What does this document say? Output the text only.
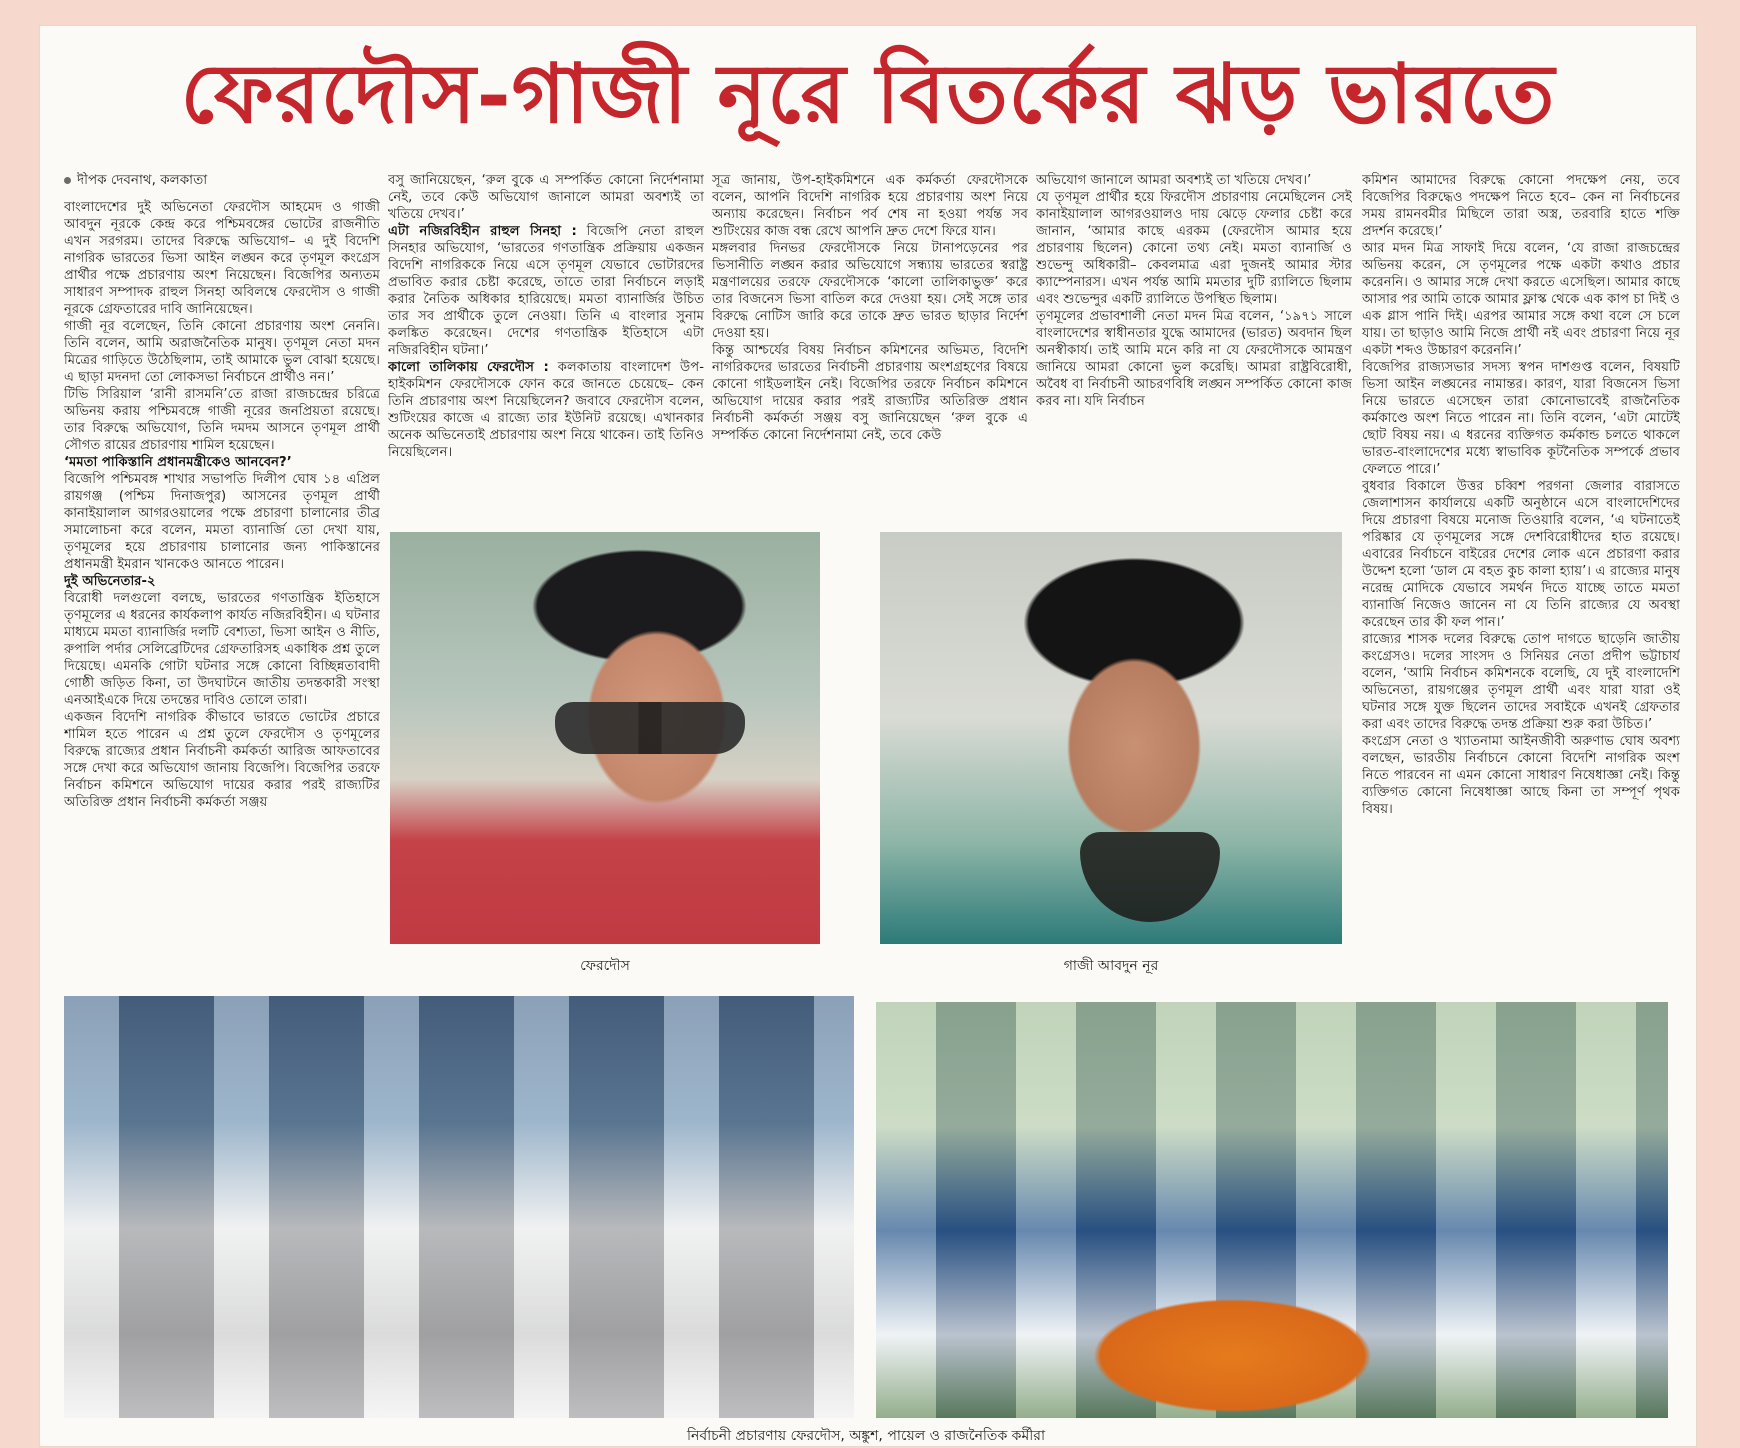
ফেরদৌস-গাজী নূরে বিতর্কের ঝড় ভারতে

দীপক দেবনাথ, কলকাতা

বাংলাদেশের দুই অভিনেতা ফেরদৌস আহমেদ ও গাজী আবদুন নূরকে কেন্দ্র করে পশ্চিমবঙ্গের ভোটের রাজনীতি এখন সরগরম। তাদের বিরুদ্ধে অভিযোগ– এ দুই বিদেশি নাগরিক ভারতের ভিসা আইন লঙ্ঘন করে তৃণমূল কংগ্রেস প্রার্থীর পক্ষে প্রচারণায় অংশ নিয়েছেন। বিজেপির অন্যতম সাধারণ সম্পাদক রাহুল সিনহা অবিলম্বে ফেরদৌস ও গাজী নূরকে গ্রেফতারের দাবি জানিয়েছেন।

গাজী নূর বলেছেন, তিনি কোনো প্রচারণায় অংশ নেননি। তিনি বলেন, আমি অরাজনৈতিক মানুষ। তৃণমূল নেতা মদন মিত্রের গাড়িতে উঠেছিলাম, তাই আমাকে ভুল বোঝা হয়েছে। এ ছাড়া মদনদা তো লোকসভা নির্বাচনে প্রার্থীও নন।’

টিভি সিরিয়াল ‘রানী রাসমনি’তে রাজা রাজচন্দ্রের চরিত্রে অভিনয় করায় পশ্চিমবঙ্গে গাজী নূরের জনপ্রিয়তা রয়েছে। তার বিরুদ্ধে অভিযোগ, তিনি দমদম আসনে তৃণমূল প্রার্থী সৌগত রায়ের প্রচারণায় শামিল হয়েছেন।

‘মমতা পাকিস্তানি প্রধানমন্ত্রীকেও আনবেন?’

বিজেপি পশ্চিমবঙ্গ শাখার সভাপতি দিলীপ ঘোষ ১৪ এপ্রিল রায়গঞ্জ (পশ্চিম দিনাজপুর) আসনের তৃণমূল প্রার্থী কানাইয়ালাল আগরওয়ালের পক্ষে প্রচারণা চালানোর তীব্র সমালোচনা করে বলেন, মমতা ব্যানার্জি তো দেখা যায়, তৃণমূলের হয়ে প্রচারণায় চালানোর জন্য পাকিস্তানের প্রধানমন্ত্রী ইমরান খানকেও আনতে পারেন।

দুই অভিনেতার-২

বিরোধী দলগুলো বলছে, ভারতের গণতান্ত্রিক ইতিহাসে তৃণমূলের এ ধরনের কার্যকলাপ কার্যত নজিরবিহীন। এ ঘটনার মাধ্যমে মমতা ব্যানার্জির দলটি বেশ্যতা, ভিসা আইন ও নীতি, রুপালি পর্দার সেলিব্রেটিদের গ্রেফতারিসহ একাধিক প্রশ্ন তুলে দিয়েছে। এমনকি গোটা ঘটনার সঙ্গে কোনো বিচ্ছিন্নতাবাদী গোষ্ঠী জড়িত কিনা, তা উদঘাটনে জাতীয় তদন্তকারী সংস্থা এনআইএকে দিয়ে তদন্তের দাবিও তোলে তারা।

একজন বিদেশি নাগরিক কীভাবে ভারতে ভোটের প্রচারে শামিল হতে পারেন এ প্রশ্ন তুলে ফেরদৌস ও তৃণমূলের বিরুদ্ধে রাজ্যের প্রধান নির্বাচনী কর্মকর্তা আরিজ আফতাবের সঙ্গে দেখা করে অভিযোগ জানায় বিজেপি। বিজেপির তরফে নির্বাচন কমিশনে অভিযোগ দায়ের করার পরই রাজ্যটির অতিরিক্ত প্রধান নির্বাচনী কর্মকর্তা সঞ্জয়

বসু জানিয়েছেন, ‘রুল বুকে এ সম্পর্কিত কোনো নির্দেশনামা নেই, তবে কেউ অভিযোগ জানালে আমরা অবশ্যই তা খতিয়ে দেখব।’

এটা নজিরবিহীন রাহুল সিনহা : বিজেপি নেতা রাহুল সিনহার অভিযোগ, ‘ভারতের গণতান্ত্রিক প্রক্রিয়ায় একজন বিদেশি নাগরিককে নিয়ে এসে তৃণমূল যেভাবে ভোটারদের প্রভাবিত করার চেষ্টা করেছে, তাতে তারা নির্বাচনে লড়াই করার নৈতিক অধিকার হারিয়েছে। মমতা ব্যানার্জির উচিত তার সব প্রার্থীকে তুলে নেওয়া। তিনি এ বাংলার সুনাম কলঙ্কিত করেছেন। দেশের গণতান্ত্রিক ইতিহাসে এটা নজিরবিহীন ঘটনা।’

কালো তালিকায় ফেরদৌস : কলকাতায় বাংলাদেশ উপ-হাইকমিশন ফেরদৌসকে ফোন করে জানতে চেয়েছে– কেন তিনি প্রচারণায় অংশ নিয়েছিলেন? জবাবে ফেরদৌস বলেন, শুটিংয়ের কাজে এ রাজ্যে তার ইউনিট রয়েছে। এখানকার অনেক অভিনেতাই প্রচারণায় অংশ নিয়ে থাকেন। তাই তিনিও নিয়েছিলেন।

সূত্র জানায়, উপ-হাইকমিশনে এক কর্মকর্তা ফেরদৌসকে বলেন, আপনি বিদেশি নাগরিক হয়ে প্রচারণায় অংশ নিয়ে অন্যায় করেছেন। নির্বাচন পর্ব শেষ না হওয়া পর্যন্ত সব শুটিংয়ের কাজ বন্ধ রেখে আপনি দ্রুত দেশে ফিরে যান।

মঙ্গলবার দিনভর ফেরদৌসকে নিয়ে টানাপড়েনের পর ভিসানীতি লঙ্ঘন করার অভিযোগে সন্ধ্যায় ভারতের স্বরাষ্ট্র মন্ত্রণালয়ের তরফে ফেরদৌসকে ‘কালো তালিকাভুক্ত’ করে তার বিজনেস ভিসা বাতিল করে দেওয়া হয়। সেই সঙ্গে তার বিরুদ্ধে নোটিস জারি করে তাকে দ্রুত ভারত ছাড়ার নির্দেশ দেওয়া হয়।

কিন্তু আশ্চর্যের বিষয় নির্বাচন কমিশনের অভিমত, বিদেশি নাগরিকদের ভারতের নির্বাচনী প্রচারণায় অংশগ্রহণের বিষয়ে কোনো গাইডলাইন নেই। বিজেপির তরফে নির্বাচন কমিশনে অভিযোগ দায়ের করার পরই রাজ্যটির অতিরিক্ত প্রধান নির্বাচনী কর্মকর্তা সঞ্জয় বসু জানিয়েছেন ‘রুল বুকে এ সম্পর্কিত কোনো নির্দেশনামা নেই, তবে কেউ

অভিযোগ জানালে আমরা অবশ্যই তা খতিয়ে দেখব।’

যে তৃণমূল প্রার্থীর হয়ে ফিরদৌস প্রচারণায় নেমেছিলেন সেই কানাইয়ালাল আগরওয়ালও দায় ঝেড়ে ফেলার চেষ্টা করে জানান, ‘আমার কাছে এরকম (ফেরদৌস আমার হয়ে প্রচারণায় ছিলেন) কোনো তথ্য নেই। মমতা ব্যানার্জি ও শুভেন্দু অধিকারী– কেবলমাত্র এরা দুজনই আমার স্টার ক্যাম্পেনারস। এখন পর্যন্ত আমি মমতার দুটি র‍্যালিতে ছিলাম এবং শুভেন্দুর একটি র‍্যালিতে উপস্থিত ছিলাম।

তৃণমূলের প্রভাবশালী নেতা মদন মিত্র বলেন, ‘১৯৭১ সালে বাংলাদেশের স্বাধীনতার যুদ্ধে আমাদের (ভারত) অবদান ছিল অনস্বীকার্য। তাই আমি মনে করি না যে ফেরদৌসকে আমন্ত্রণ জানিয়ে আমরা কোনো ভুল করেছি। আমরা রাষ্ট্রবিরোধী, অবৈধ বা নির্বাচনী আচরণবিধি লঙ্ঘন সম্পর্কিত কোনো কাজ করব না। যদি নির্বাচন

কমিশন আমাদের বিরুদ্ধে কোনো পদক্ষেপ নেয়, তবে বিজেপির বিরুদ্ধেও পদক্ষেপ নিতে হবে– কেন না নির্বাচনের সময় রামনবমীর মিছিলে তারা অস্ত্র, তরবারি হাতে শক্তি প্রদর্শন করেছে।’

আর মদন মিত্র সাফাই দিয়ে বলেন, ‘যে রাজা রাজচন্দ্রের অভিনয় করেন, সে তৃণমূলের পক্ষে একটা কথাও প্রচার করেননি। ও আমার সঙ্গে দেখা করতে এসেছিল। আমার কাছে আসার পর আমি তাকে আমার ফ্লাস্ক থেকে এক কাপ চা দিই ও এক গ্লাস পানি দিই। এরপর আমার সঙ্গে কথা বলে সে চলে যায়। তা ছাড়াও আমি নিজে প্রার্থী নই এবং প্রচারণা নিয়ে নূর একটা শব্দও উচ্চারণ করেননি।’

বিজেপির রাজ্যসভার সদস্য স্বপন দাশগুপ্ত বলেন, বিষয়টি ভিসা আইন লঙ্ঘনের নামান্তর। কারণ, যারা বিজনেস ভিসা নিয়ে ভারতে এসেছেন তারা কোনোভাবেই রাজনৈতিক কর্মকাণ্ডে অংশ নিতে পারেন না। তিনি বলেন, ‘এটা মোটেই ছোট বিষয় নয়। এ ধরনের ব্যক্তিগত কর্মকান্ড চলতে থাকলে ভারত-বাংলাদেশের মধ্যে স্বাভাবিক কূটনৈতিক সম্পর্কে প্রভাব ফেলতে পারে।’

বুধবার বিকালে উত্তর চব্বিশ পরগনা জেলার বারাসতে জেলাশাসন কার্যালয়ে একটি অনুষ্ঠানে এসে বাংলাদেশিদের দিয়ে প্রচারণা বিষয়ে মনোজ তিওয়ারি বলেন, ‘এ ঘটনাতেই পরিষ্কার যে তৃণমূলের সঙ্গে দেশবিরোধীদের হাত রয়েছে। এবারের নির্বাচনে বাইরের দেশের লোক এনে প্রচারণা করার উদ্দেশ হলো ‘ডাল মে বহত কুচ কালা হ্যায়’। এ রাজ্যের মানুষ নরেন্দ্র মোদিকে যেভাবে সমর্থন দিতে যাচ্ছে তাতে মমতা ব্যানার্জি নিজেও জানেন না যে তিনি রাজ্যের যে অবস্থা করেছেন তার কী ফল পান।’

রাজ্যের শাসক দলের বিরুদ্ধে তোপ দাগতে ছাড়েনি জাতীয় কংগ্রেসও। দলের সাংসদ ও সিনিয়র নেতা প্রদীপ ভট্টাচার্য বলেন, ‘আমি নির্বাচন কমিশনকে বলেছি, যে দুই বাংলাদেশি অভিনেতা, রায়গঞ্জের তৃণমূল প্রার্থী এবং যারা যারা ওই ঘটনার সঙ্গে যুক্ত ছিলেন তাদের সবাইকে এখনই গ্রেফতার করা এবং তাদের বিরুদ্ধে তদন্ত প্রক্রিয়া শুরু করা উচিত।’

কংগ্রেস নেতা ও খ্যাতনামা আইনজীবী অরুণাভ ঘোষ অবশ্য বলছেন, ভারতীয় নির্বাচনে কোনো বিদেশি নাগরিক অংশ নিতে পারবেন না এমন কোনো সাধারণ নিষেধাজ্ঞা নেই। কিন্তু ব্যক্তিগত কোনো নিষেধাজ্ঞা আছে কিনা তা সম্পূর্ণ পৃথক বিষয়।

ফেরদৌস	গাজী আবদুন নূর
নির্বাচনী প্রচারণায় ফেরদৌস, অঙ্কুশ, পায়েল ও রাজনৈতিক কর্মীরা
